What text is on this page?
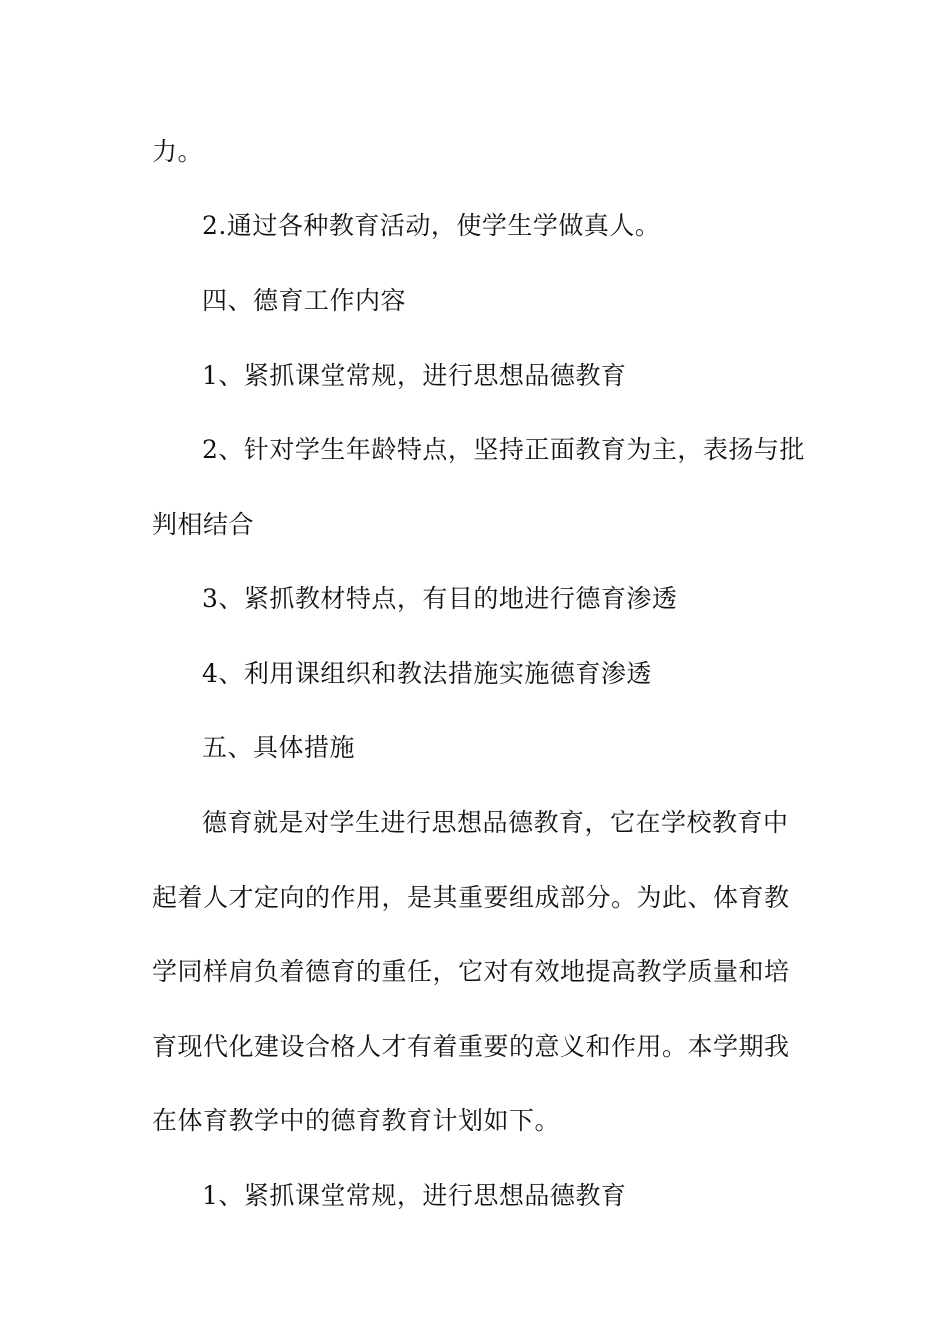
力。
2.通过各种教育活动，使学生学做真人。
四、德育工作内容
1、紧抓课堂常规，进行思想品德教育
2、针对学生年龄特点，坚持正面教育为主，表扬与批
判相结合
3、紧抓教材特点，有目的地进行德育渗透
4、利用课组织和教法措施实施德育渗透
五、具体措施
德育就是对学生进行思想品德教育，它在学校教育中
起着人才定向的作用，是其重要组成部分。为此、体育教
学同样肩负着德育的重任，它对有效地提高教学质量和培
育现代化建设合格人才有着重要的意义和作用。本学期我
在体育教学中的德育教育计划如下。
1、紧抓课堂常规，进行思想品德教育
